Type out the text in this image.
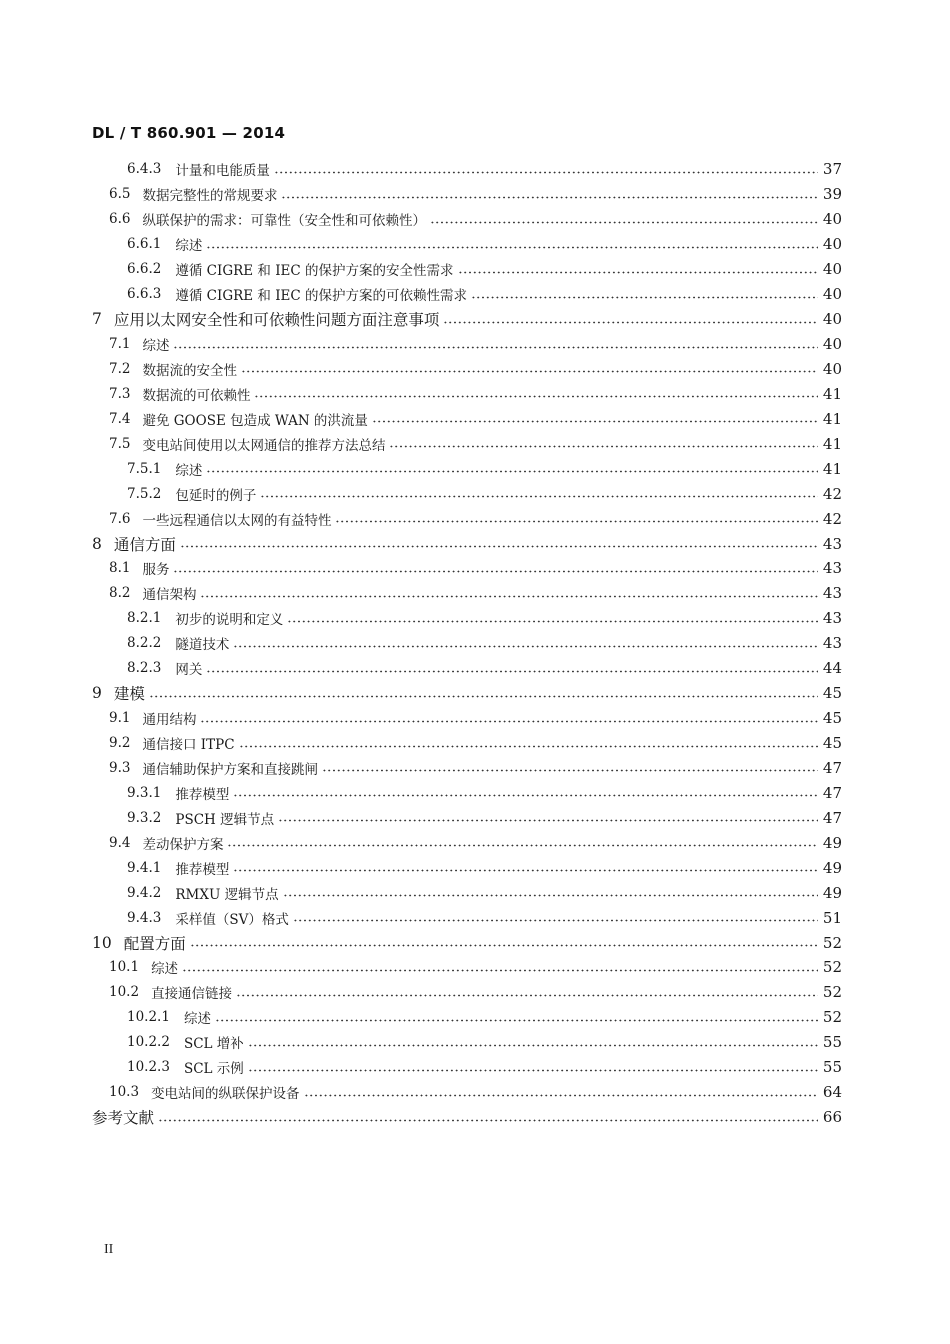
DL / T 860.901 — 2014
6.4.3 计量和电能质量	37
6.5 数据完整性的常规要求	39
6.6 纵联保护的需求：可靠性（安全性和可依赖性）	40
6.6.1 综述	40
6.6.2 遵循 CIGRE 和 IEC 的保护方案的安全性需求	40
6.6.3 遵循 CIGRE 和 IEC 的保护方案的可依赖性需求	40
7 应用以太网安全性和可依赖性问题方面注意事项	40
7.1 综述	40
7.2 数据流的安全性	40
7.3 数据流的可依赖性	41
7.4 避免 GOOSE 包造成 WAN 的洪流量	41
7.5 变电站间使用以太网通信的推荐方法总结	41
7.5.1 综述	41
7.5.2 包延时的例子	42
7.6 一些远程通信以太网的有益特性	42
8 通信方面	43
8.1 服务	43
8.2 通信架构	43
8.2.1 初步的说明和定义	43
8.2.2 隧道技术	43
8.2.3 网关	44
9 建模	45
9.1 通用结构	45
9.2 通信接口 ITPC	45
9.3 通信辅助保护方案和直接跳闸	47
9.3.1 推荐模型	47
9.3.2 PSCH 逻辑节点	47
9.4 差动保护方案	49
9.4.1 推荐模型	49
9.4.2 RMXU 逻辑节点	49
9.4.3 采样值（SV）格式	51
10 配置方面	52
10.1 综述	52
10.2 直接通信链接	52
10.2.1 综述	52
10.2.2 SCL 增补	55
10.2.3 SCL 示例	55
10.3 变电站间的纵联保护设备	64
参考文献	66
II
